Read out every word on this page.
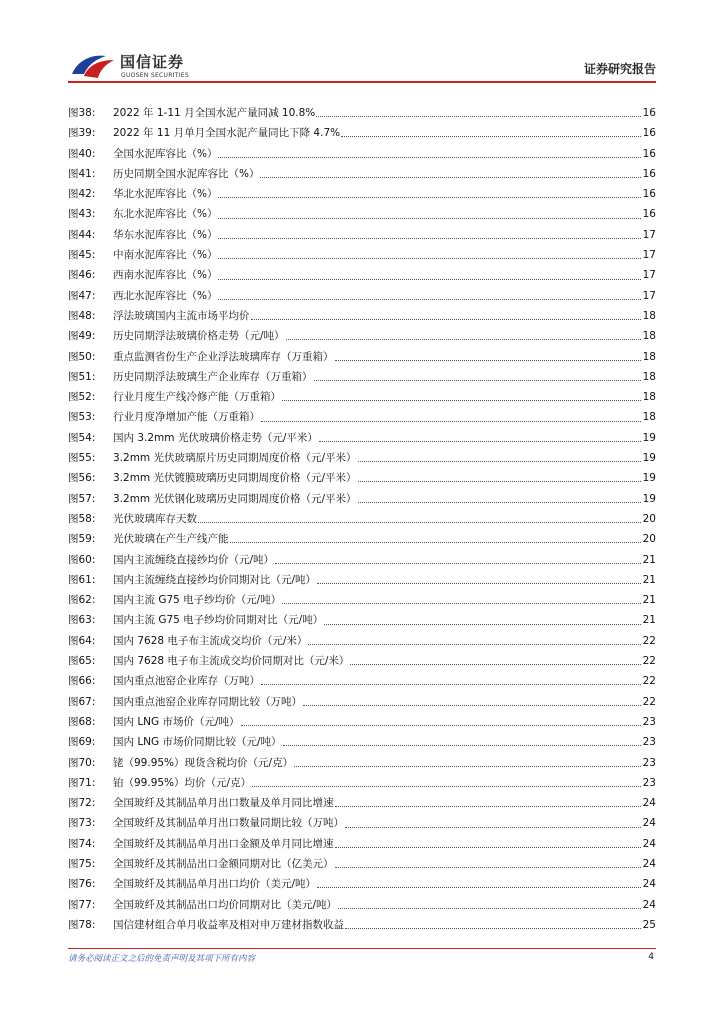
国信证券
GUOSEN SECURITIES	证券研究报告
图38:	2022 年 1-11 月全国水泥产量同减 10.8%	16
图39:	2022 年 11 月单月全国水泥产量同比下降 4.7%	16
图40:	全国水泥库容比（%）	16
图41:	历史同期全国水泥库容比（%）	16
图42:	华北水泥库容比（%）	16
图43:	东北水泥库容比（%）	16
图44:	华东水泥库容比（%）	17
图45:	中南水泥库容比（%）	17
图46:	西南水泥库容比（%）	17
图47:	西北水泥库容比（%）	17
图48:	浮法玻璃国内主流市场平均价	18
图49:	历史同期浮法玻璃价格走势（元/吨）	18
图50:	重点监测省份生产企业浮法玻璃库存（万重箱）	18
图51:	历史同期浮法玻璃生产企业库存（万重箱）	18
图52:	行业月度生产线冷修产能（万重箱）	18
图53:	行业月度净增加产能（万重箱）	18
图54:	国内 3.2mm 光伏玻璃价格走势（元/平米）	19
图55:	3.2mm 光伏玻璃原片历史同期周度价格（元/平米）	19
图56:	3.2mm 光伏镀膜玻璃历史同期周度价格（元/平米）	19
图57:	3.2mm 光伏钢化玻璃历史同期周度价格（元/平米）	19
图58:	光伏玻璃库存天数	20
图59:	光伏玻璃在产生产线产能	20
图60:	国内主流缠绕直接纱均价（元/吨）	21
图61:	国内主流缠绕直接纱均价同期对比（元/吨）	21
图62:	国内主流 G75 电子纱均价（元/吨）	21
图63:	国内主流 G75 电子纱均价同期对比（元/吨）	21
图64:	国内 7628 电子布主流成交均价（元/米）	22
图65:	国内 7628 电子布主流成交均价同期对比（元/米）	22
图66:	国内重点池窑企业库存（万吨）	22
图67:	国内重点池窑企业库存同期比较（万吨）	22
图68:	国内 LNG 市场价（元/吨）	23
图69:	国内 LNG 市场价同期比较（元/吨）	23
图70:	铑（99.95%）现货含税均价（元/克）	23
图71:	铂（99.95%）均价（元/克）	23
图72:	全国玻纤及其制品单月出口数量及单月同比增速	24
图73:	全国玻纤及其制品单月出口数量同期比较（万吨）	24
图74:	全国玻纤及其制品单月出口金额及单月同比增速	24
图75:	全国玻纤及其制品出口金额同期对比（亿美元）	24
图76:	全国玻纤及其制品单月出口均价（美元/吨）	24
图77:	全国玻纤及其制品出口均价同期对比（美元/吨）	24
图78:	国信建材组合单月收益率及相对申万建材指数收益	25
请务必阅读正文之后的免责声明及其项下所有内容	4
